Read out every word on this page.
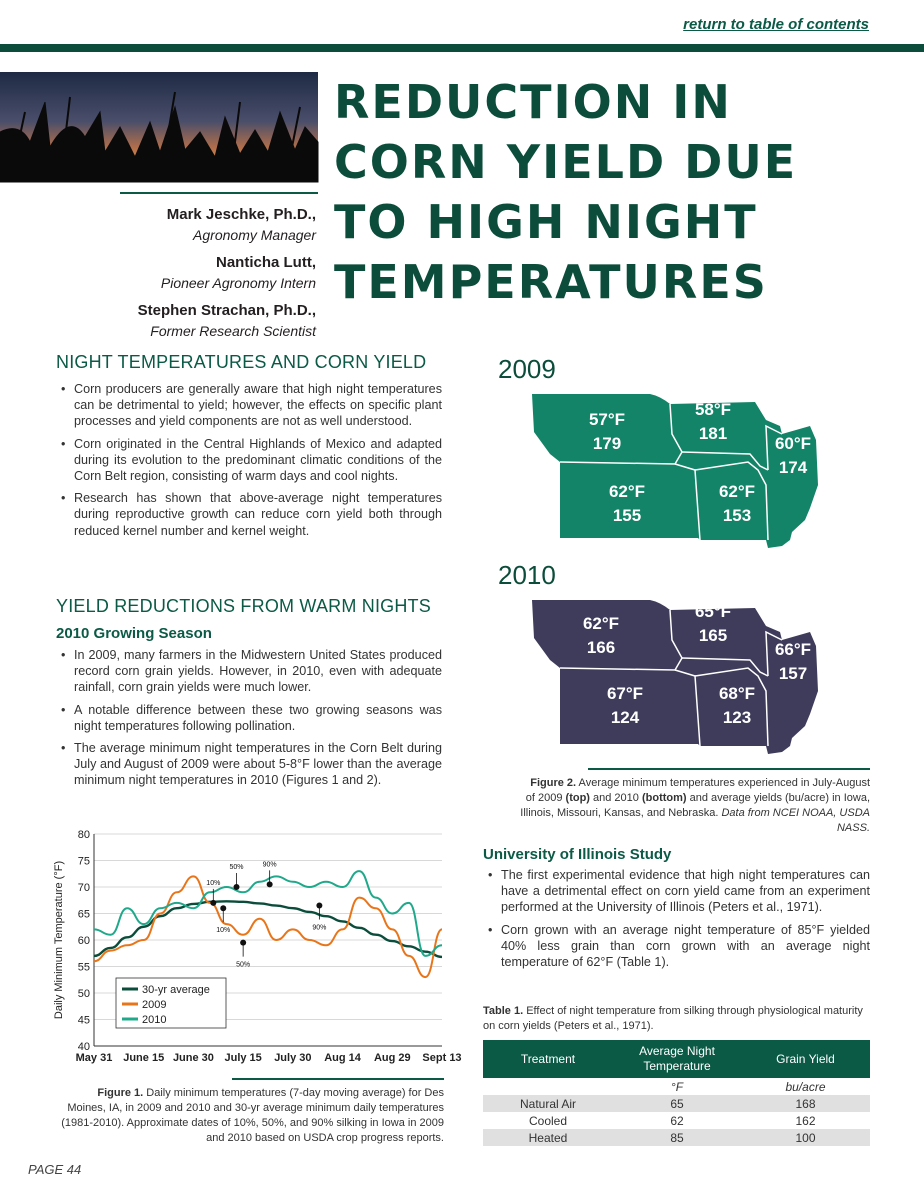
return to table of contents
REDUCTION IN
CORN YIELD DUE
TO HIGH NIGHT
TEMPERATURES
Mark Jeschke, Ph.D.,
Agronomy Manager
Nanticha Lutt,
Pioneer Agronomy Intern
Stephen Strachan, Ph.D.,
Former Research Scientist
NIGHT TEMPERATURES AND CORN YIELD
• Corn producers are generally aware that high night temperatures can be detrimental to yield; however, the effects on specific plant processes and yield components are not as well understood.
• Corn originated in the Central Highlands of Mexico and adapted during its evolution to the predominant climatic conditions of the Corn Belt region, consisting of warm days and cool nights.
• Research has shown that above-average night temperatures during reproductive growth can reduce corn yield both through reduced kernel number and kernel weight.
YIELD REDUCTIONS FROM WARM NIGHTS
2010 Growing Season
• In 2009, many farmers in the Midwestern United States produced record corn grain yields. However, in 2010, even with adequate rainfall, corn grain yields were much lower.
• A notable difference between these two growing seasons was night temperatures following pollination.
• The average minimum night temperatures in the Corn Belt during July and August of 2009 were about 5-8°F lower than the average minimum night temperatures in 2010 (Figures 1 and 2).
2009
57°F
179
58°F
181
60°F
174
62°F
155
62°F
153
2010
62°F
166
65°F
165
66°F
157
67°F
124
68°F
123
Figure 2. Average minimum temperatures experienced in July-August of 2009 (top) and 2010 (bottom) and average yields (bu/acre) in Iowa, Illinois, Missouri, Kansas, and Nebraska. Data from NCEI NOAA, USDA NASS.
University of Illinois Study
• The first experimental evidence that high night temperatures can have a detrimental effect on corn yield came from an experiment performed at the University of Illinois (Peters et al., 1971).
• Corn grown with an average night temperature of 85°F yielded 40% less grain than corn grown with an average night temperature of 62°F (Table 1).
Table 1. Effect of night temperature from silking through physiological maturity on corn yields (Peters et al., 1971).
Treatment	Average Night Temperature	Grain Yield
	°F	bu/acre
Natural Air	65	168
Cooled	62	162
Heated	85	100
40
45
50
55
60
65
70
75
80
May 31 June 15 June 30 July 15 July 30 Aug 14 Aug 29 Sept 13
Daily Minimum Temperature (°F)	10%
50%	90%
10%
50%
90%
30-yr average
2009
2010
Figure 1. Daily minimum temperatures (7-day moving average) for Des Moines, IA, in 2009 and 2010 and 30-yr average minimum daily temperatures (1981-2010). Approximate dates of 10%, 50%, and 90% silking in Iowa in 2009 and 2010 based on USDA crop progress reports.
PAGE 44
